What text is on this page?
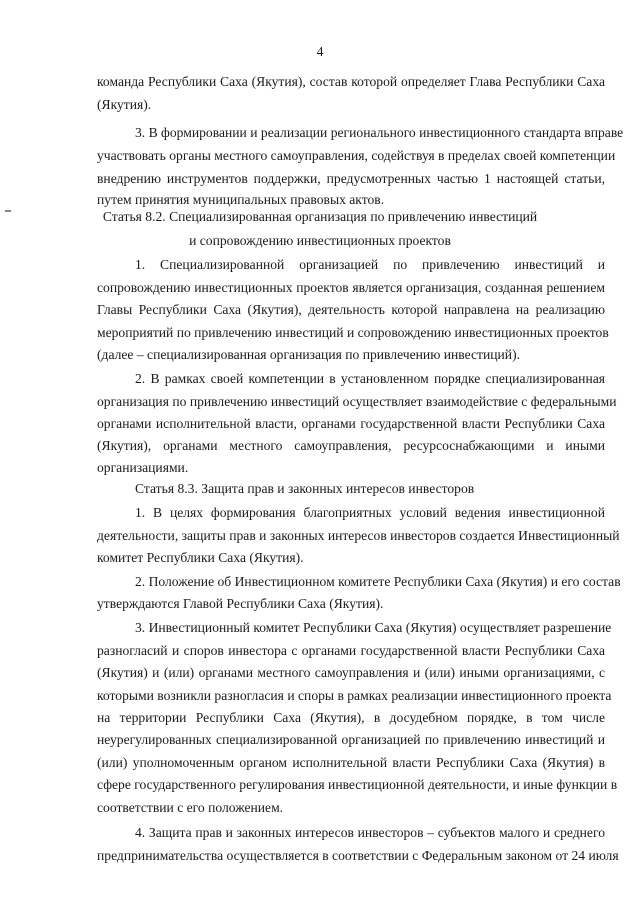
4
команда Республики Саха (Якутия), состав которой определяет Глава Республики Саха
(Якутия).
3. В формировании и реализации регионального инвестиционного стандарта вправе
участвовать органы местного самоуправления, содействуя в пределах своей компетенции
внедрению инструментов поддержки, предусмотренных частью 1 настоящей статьи,
путем принятия муниципальных правовых актов.
Статья 8.2. Специализированная организация по привлечению инвестиций
и сопровождению инвестиционных проектов
1. Специализированной организацией по привлечению инвестиций и
сопровождению инвестиционных проектов является организация, созданная решением
Главы Республики Саха (Якутия), деятельность которой направлена на реализацию
мероприятий по привлечению инвестиций и сопровождению инвестиционных проектов
(далее – специализированная организация по привлечению инвестиций).
2. В рамках своей компетенции в установленном порядке специализированная
организация по привлечению инвестиций осуществляет взаимодействие с федеральными
органами исполнительной власти, органами государственной власти Республики Саха
(Якутия), органами местного самоуправления, ресурсоснабжающими и иными
организациями.
Статья 8.3. Защита прав и законных интересов инвесторов
1. В целях формирования благоприятных условий ведения инвестиционной
деятельности, защиты прав и законных интересов инвесторов создается Инвестиционный
комитет Республики Саха (Якутия).
2. Положение об Инвестиционном комитете Республики Саха (Якутия) и его состав
утверждаются Главой Республики Саха (Якутия).
3. Инвестиционный комитет Республики Саха (Якутия) осуществляет разрешение
разногласий и споров инвестора с органами государственной власти Республики Саха
(Якутия) и (или) органами местного самоуправления и (или) иными организациями, с
которыми возникли разногласия и споры в рамках реализации инвестиционного проекта
на территории Республики Саха (Якутия), в досудебном порядке, в том числе
неурегулированных специализированной организацией по привлечению инвестиций и
(или) уполномоченным органом исполнительной власти Республики Саха (Якутия) в
сфере государственного регулирования инвестиционной деятельности, и иные функции в
соответствии с его положением.
4. Защита прав и законных интересов инвесторов – субъектов малого и среднего
предпринимательства осуществляется в соответствии с Федеральным законом от 24 июля
